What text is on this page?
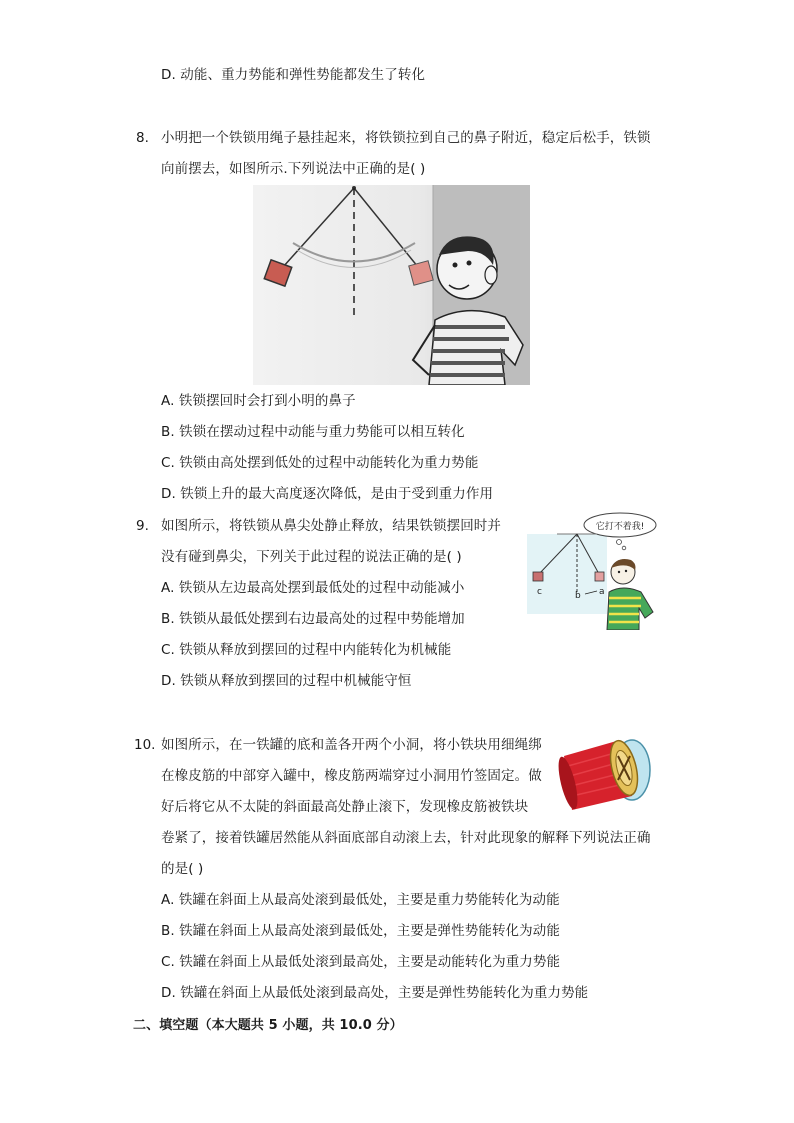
D. 动能、重力势能和弹性势能都发生了转化
8. 小明把一个铁锁用绳子悬挂起来，将铁锁拉到自己的鼻子附近，稳定后松手，铁锁
向前摆去，如图所示.下列说法中正确的是( )
A. 铁锁摆回时会打到小明的鼻子
B. 铁锁在摆动过程中动能与重力势能可以相互转化
C. 铁锁由高处摆到低处的过程中动能转化为重力势能
D. 铁锁上升的最大高度逐次降低，是由于受到重力作用
9. 如图所示，将铁锁从鼻尖处静止释放，结果铁锁摆回时并
没有碰到鼻尖，下列关于此过程的说法正确的是( )
它打不着我!
c	b a
A. 铁锁从左边最高处摆到最低处的过程中动能减小
B. 铁锁从最低处摆到右边最高处的过程中势能增加
C. 铁锁从释放到摆回的过程中内能转化为机械能
D. 铁锁从释放到摆回的过程中机械能守恒
10. 如图所示，在一铁罐的底和盖各开两个小洞，将小铁块用细绳绑
在橡皮筋的中部穿入罐中，橡皮筋两端穿过小洞用竹签固定。做
好后将它从不太陡的斜面最高处静止滚下，发现橡皮筋被铁块
卷紧了，接着铁罐居然能从斜面底部自动滚上去，针对此现象的解释下列说法正确
的是( )
A. 铁罐在斜面上从最高处滚到最低处，主要是重力势能转化为动能
B. 铁罐在斜面上从最高处滚到最低处，主要是弹性势能转化为动能
C. 铁罐在斜面上从最低处滚到最高处，主要是动能转化为重力势能
D. 铁罐在斜面上从最低处滚到最高处，主要是弹性势能转化为重力势能
二、填空题（本大题共 5 小题，共 10.0 分）
